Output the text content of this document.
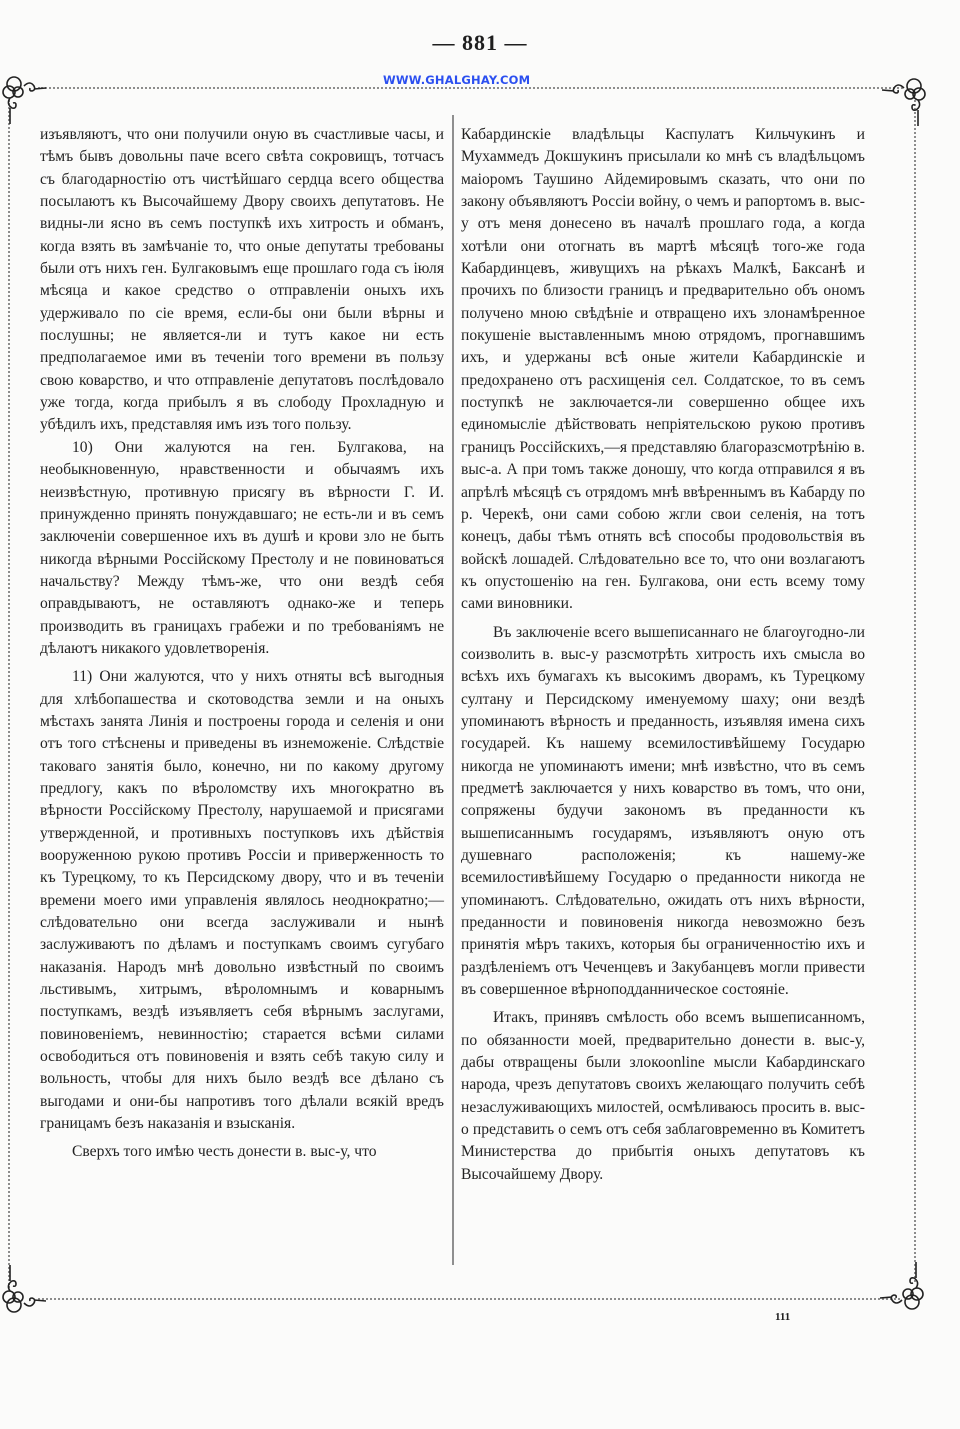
— 881 —
WWW.GHALGHAY.COM

изъявляютъ, что они получили оную въ счастливые часы, и тѣмъ бывъ довольны паче всего свѣта сокровищъ, тотчасъ съ благодарностію отъ чистѣйшаго сердца всего общества посылаютъ къ Высочайшему Двору своихъ депутатовъ. Не видны-ли ясно въ семъ поступкѣ ихъ хитрость и обманъ, когда взять въ замѣчаніе то, что оные депутаты требованы были отъ нихъ ген. Булгаковымъ еще прошлаго года съ іюля мѣсяца и какое средство о отправленіи оныхъ ихъ удерживало по сіе время, если-бы они были вѣрны и послушны; не является-ли и тутъ какое ни есть предполагаемое ими въ теченіи того времени въ пользу свою коварство, и что отправленіе депутатовъ послѣдовало уже тогда, когда прибылъ я въ слободу Прохладную и убѣдилъ ихъ, представляя имъ изъ того пользу.

10) Они жалуются на ген. Булгакова, на необыкновенную, нравственности и обычаямъ ихъ неизвѣстную, противную присягу въ вѣрности Г. И. принужденно принять понуждавшаго; не есть-ли и въ семъ заключеніи совершенное ихъ въ душѣ и крови зло не быть никогда вѣрными Россійскому Престолу и не повиноваться начальству? Между тѣмъ-же, что они вездѣ себя оправдываютъ, не оставляютъ однако-же и теперь производить въ границахъ грабежи и по требованіямъ не дѣлаютъ никакого удовлетворенія.

11) Они жалуются, что у нихъ отняты всѣ выгодныя для хлѣбопашества и скотоводства земли и на оныхъ мѣстахъ занята Линія и построены города и селенія и они отъ того стѣснены и приведены въ изнеможеніе. Слѣдствіе таковаго занятія было, конечно, ни по какому другому предлогу, какъ по вѣроломству ихъ многократно въ вѣрности Россійскому Престолу, нарушаемой и присягами утвержденной, и противныхъ поступковъ ихъ дѣйствія вооруженною рукою противъ Россіи и приверженность то къ Турецкому, то къ Персидскому двору, что и въ теченіи времени моего ими управленія являлось неоднократно;—слѣдовательно они всегда заслуживали и нынѣ заслуживаютъ по дѣламъ и поступкамъ своимъ сугубаго наказанія. Народъ мнѣ довольно извѣстный по своимъ льстивымъ, хитрымъ, вѣроломнымъ и коварнымъ поступкамъ, вездѣ изъявляетъ себя вѣрнымъ заслугами, повиновеніемъ, невинностію; старается всѣми силами освободиться отъ повиновенія и взять себѣ такую силу и вольность, чтобы для нихъ было вездѣ все дѣлано съ выгодами и они-бы напротивъ того дѣлали всякій вредъ границамъ безъ наказанія и взысканія.

Сверхъ того имѣю честь донести в. выс-у, что

Кабардинскіе владѣльцы Каспулатъ Кильчукинъ и Мухаммедъ Докшукинъ присылали ко мнѣ съ владѣльцомъ маіоромъ Таушино Айдемировымъ сказать, что они по закону объявляютъ Россіи войну, о чемъ и рапортомъ в. выс-у отъ меня донесено въ началѣ прошлаго года, а когда хотѣли они отогнать въ мартѣ мѣсяцѣ того-же года Кабардинцевъ, живущихъ на рѣкахъ Малкѣ, Баксанѣ и прочихъ по близости границъ и предварительно объ ономъ получено мною свѣдѣніе и отвращено ихъ злонамѣренное покушеніе выставленнымъ мною отрядомъ, прогнавшимъ ихъ, и удержаны всѣ оные жители Кабардинскіе и предохранено отъ расхищенія сел. Солдатское, то въ семъ поступкѣ не заключается-ли совершенно общее ихъ единомысліе дѣйствовать непріятельскою рукою противъ границъ Россійскихъ,—я представляю благоразсмотрѣнію в. выс-а. А при томъ также доношу, что когда отправился я въ апрѣлѣ мѣсяцѣ съ отрядомъ мнѣ ввѣреннымъ въ Кабарду по р. Черекѣ, они сами собою жгли свои селенія, на тотъ конецъ, дабы тѣмъ отнять всѣ способы продовольствія въ войскѣ лошадей. Слѣдовательно все то, что они возлагаютъ къ опустошенію на ген. Булгакова, они есть всему тому сами виновники.

Въ заключеніе всего вышеписаннаго не благоугодно-ли соизволить в. выс-у разсмотрѣть хитрость ихъ смысла во всѣхъ ихъ бумагахъ къ высокимъ дворамъ, къ Турецкому султану и Персидскому именуемому шаху; они вездѣ упоминаютъ вѣрность и преданность, изъявляя имена сихъ государей. Къ нашему всемилостивѣйшему Государю никогда не упоминаютъ имени; мнѣ извѣстно, что въ семъ предметѣ заключается у нихъ коварство въ томъ, что они, сопряжены будучи закономъ въ преданности къ вышеписаннымъ государямъ, изъявляютъ оную отъ душевнаго расположенія; къ нашему-же всемилостивѣйшему Государю о преданности никогда не упоминаютъ. Слѣдовательно, ожидать отъ нихъ вѣрности, преданности и повиновенія никогда невозможно безъ принятія мѣръ такихъ, которыя бы ограниченностію ихъ и раздѣленіемъ отъ Чеченцевъ и Закубанцевъ могли привести въ совершенное вѣрноподданническое состояніе.

Итакъ, принявъ смѣлость обо всемъ вышеписанномъ, по обязанности моей, предварительно донести в. выс-у, дабы отвращены были злокоonline мысли Кабардинскаго народа, чрезъ депутатовъ своихъ желающаго получить себѣ незаслуживающихъ милостей, осмѣливаюсь просить в. выс-о представить о семъ отъ себя заблаговременно въ Комитетъ Министерства до прибытія оныхъ депутатовъ къ Высочайшему Двору.

111
